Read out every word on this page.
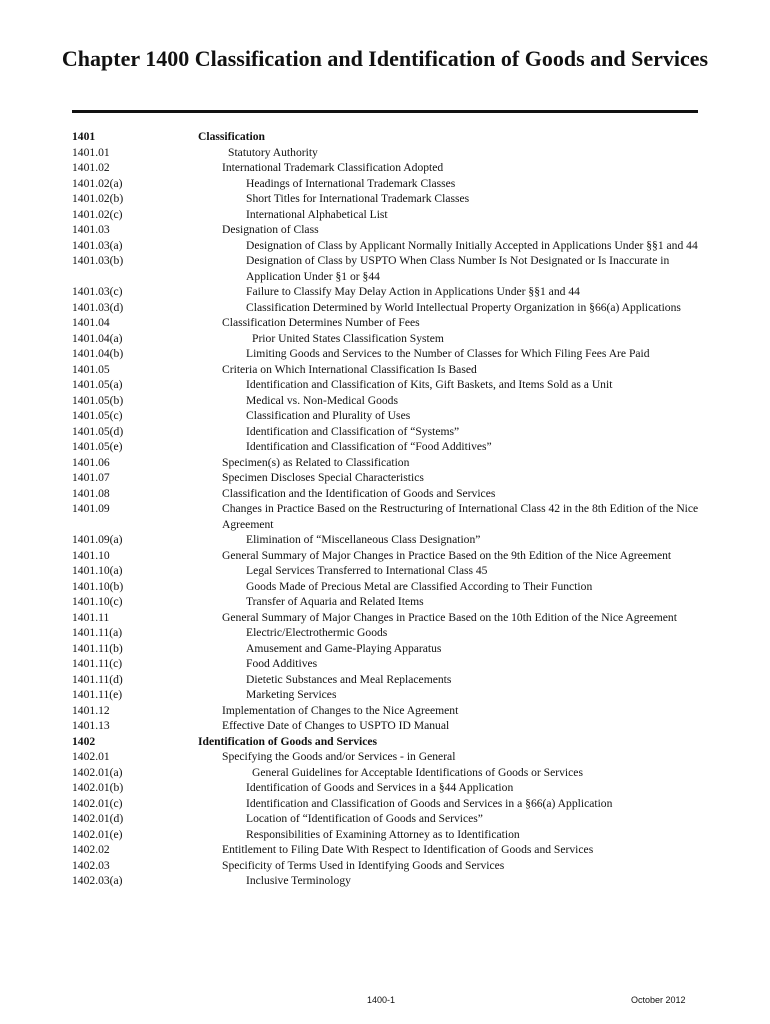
Chapter 1400 Classification and Identification of Goods and Services
1401	Classification
1401.01	Statutory Authority
1401.02	International Trademark Classification Adopted
1401.02(a)	Headings of International Trademark Classes
1401.02(b)	Short Titles for International Trademark Classes
1401.02(c)	International Alphabetical List
1401.03	Designation of Class
1401.03(a)	Designation of Class by Applicant Normally Initially Accepted in Applications Under §§1 and 44
1401.03(b)	Designation of Class by USPTO When Class Number Is Not Designated or Is Inaccurate in Application Under §1 or §44
1401.03(c)	Failure to Classify May Delay Action in Applications Under §§1 and 44
1401.03(d)	Classification Determined by World Intellectual Property Organization in §66(a) Applications
1401.04	Classification Determines Number of Fees
1401.04(a)	Prior United States Classification System
1401.04(b)	Limiting Goods and Services to the Number of Classes for Which Filing Fees Are Paid
1401.05	Criteria on Which International Classification Is Based
1401.05(a)	Identification and Classification of Kits, Gift Baskets, and Items Sold as a Unit
1401.05(b)	Medical vs. Non-Medical Goods
1401.05(c)	Classification and Plurality of Uses
1401.05(d)	Identification and Classification of “Systems”
1401.05(e)	Identification and Classification of “Food Additives”
1401.06	Specimen(s) as Related to Classification
1401.07	Specimen Discloses Special Characteristics
1401.08	Classification and the Identification of Goods and Services
1401.09	Changes in Practice Based on the Restructuring of International Class 42 in the 8th Edition of the Nice Agreement
1401.09(a)	Elimination of “Miscellaneous Class Designation”
1401.10	General Summary of Major Changes in Practice Based on the 9th Edition of the Nice Agreement
1401.10(a)	Legal Services Transferred to International Class 45
1401.10(b)	Goods Made of Precious Metal are Classified According to Their Function
1401.10(c)	Transfer of Aquaria and Related Items
1401.11	General Summary of Major Changes in Practice Based on the 10th Edition of the Nice Agreement
1401.11(a)	Electric/Electrothermic Goods
1401.11(b)	Amusement and Game-Playing Apparatus
1401.11(c)	Food Additives
1401.11(d)	Dietetic Substances and Meal Replacements
1401.11(e)	Marketing Services
1401.12	Implementation of Changes to the Nice Agreement
1401.13	Effective Date of Changes to USPTO ID Manual
1402	Identification of Goods and Services
1402.01	Specifying the Goods and/or Services - in General
1402.01(a)	General Guidelines for Acceptable Identifications of Goods or Services
1402.01(b)	Identification of Goods and Services in a §44 Application
1402.01(c)	Identification and Classification of Goods and Services in a §66(a) Application
1402.01(d)	Location of “Identification of Goods and Services”
1402.01(e)	Responsibilities of Examining Attorney as to Identification
1402.02	Entitlement to Filing Date With Respect to Identification of Goods and Services
1402.03	Specificity of Terms Used in Identifying Goods and Services
1402.03(a)	Inclusive Terminology
1400-1	October 2012
